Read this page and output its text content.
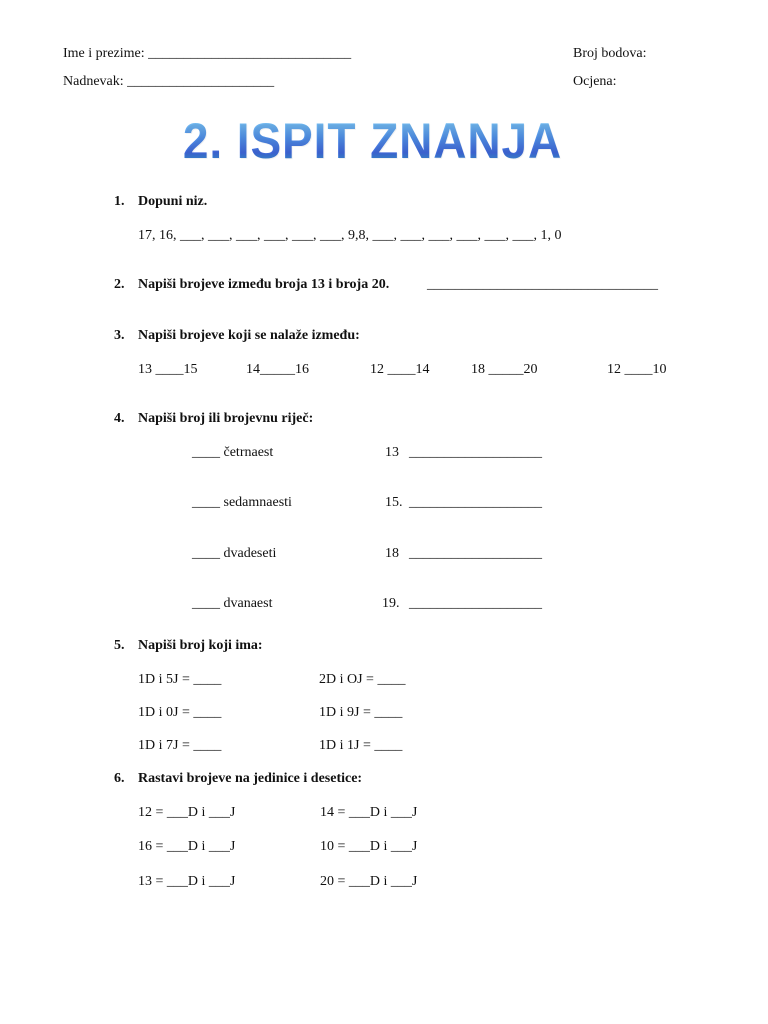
Ime i prezime: _____________________________
Nadnevak: _____________________
Broj bodova:
Ocjena:
2. ISPIT ZNANJA
1. Dopuni niz.
17, 16, ___, ___, ___, ___, ___, ___, 9,8, ___, ___, ___, ___, ___, ___, 1, 0
2. Napiši brojeve između broja 13 i broja 20.	_________________________________
3. Napiši brojeve koji se nalaže između:
13 ____15	14_____16	12 ____14	18 _____20	12 ____10
4. Napiši broj ili brojevnu riječ:
____ četrnaest	13 ___________________
____ sedamnaesti	15. ___________________
____ dvadeseti	18 ___________________
____ dvanaest	19. ___________________
5. Napiši broj koji ima:
1D i 5J = ____	2D i OJ = ____
1D i 0J = ____	1D i 9J = ____
1D i 7J = ____	1D i 1J = ____
6. Rastavi brojeve na jedinice i desetice:
12 = ___D i ___J	14 = ___D i ___J
16 = ___D i ___J	10 = ___D i ___J
13 = ___D i ___J	20 = ___D i ___J
